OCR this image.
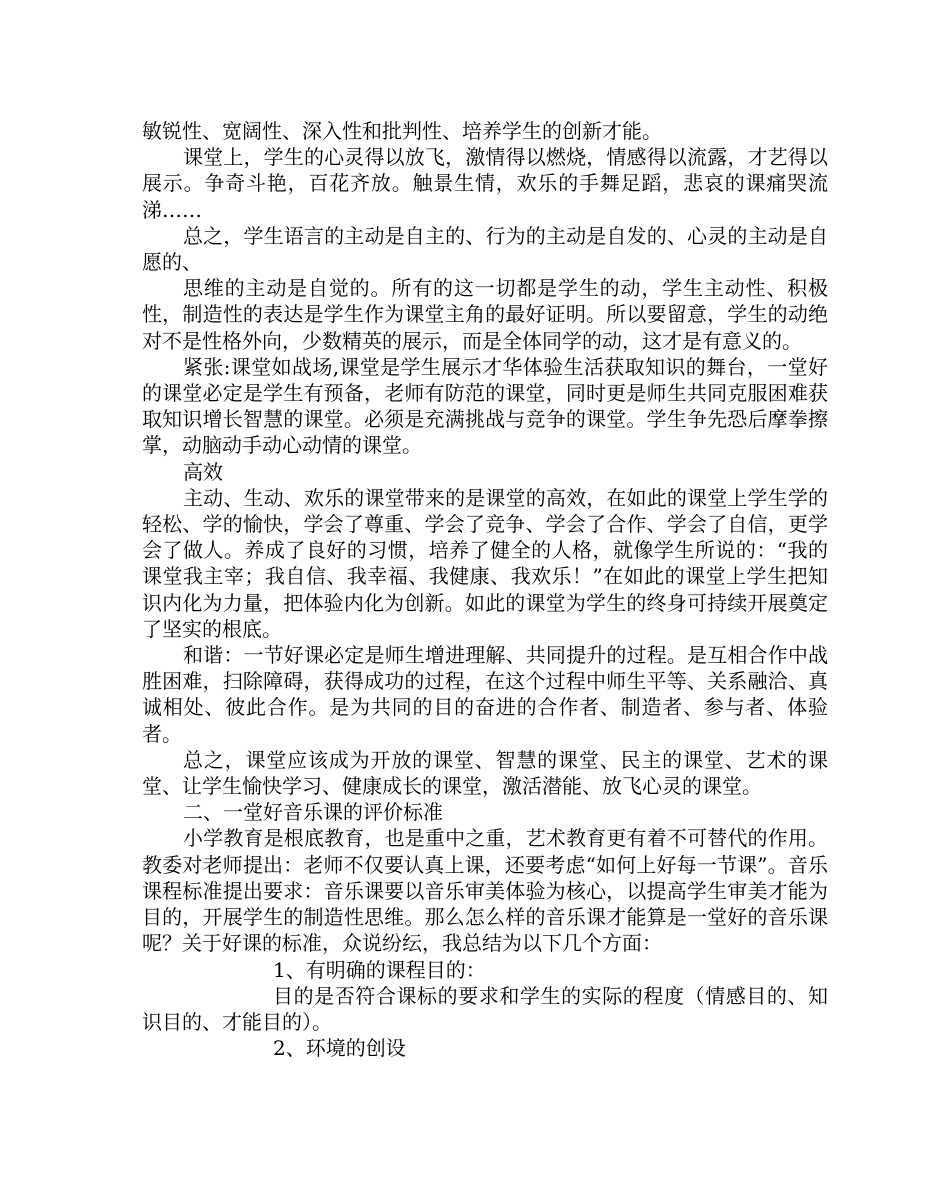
敏锐性、宽阔性、深入性和批判性、培养学生的创新才能。

课堂上，学生的心灵得以放飞，激情得以燃烧，情感得以流露，才艺得以展示。争奇斗艳，百花齐放。触景生情，欢乐的手舞足蹈，悲哀的课痛哭流涕……

总之，学生语言的主动是自主的、行为的主动是自发的、心灵的主动是自愿的、

思维的主动是自觉的。所有的这一切都是学生的动，学生主动性、积极性，制造性的表达是学生作为课堂主角的最好证明。所以要留意，学生的动绝对不是性格外向，少数精英的展示，而是全体同学的动，这才是有意义的。

紧张:课堂如战场,课堂是学生展示才华体验生活获取知识的舞台，一堂好的课堂必定是学生有预备，老师有防范的课堂，同时更是师生共同克服困难获取知识增长智慧的课堂。必须是充满挑战与竞争的课堂。学生争先恐后摩拳擦掌，动脑动手动心动情的课堂。

高效

主动、生动、欢乐的课堂带来的是课堂的高效，在如此的课堂上学生学的轻松、学的愉快，学会了尊重、学会了竞争、学会了合作、学会了自信，更学会了做人。养成了良好的习惯，培养了健全的人格，就像学生所说的：“我的课堂我主宰；我自信、我幸福、我健康、我欢乐！”在如此的课堂上学生把知识内化为力量，把体验内化为创新。如此的课堂为学生的终身可持续开展奠定了坚实的根底。

和谐：一节好课必定是师生增进理解、共同提升的过程。是互相合作中战胜困难，扫除障碍，获得成功的过程，在这个过程中师生平等、关系融洽、真诚相处、彼此合作。是为共同的目的奋进的合作者、制造者、参与者、体验者。

总之，课堂应该成为开放的课堂、智慧的课堂、民主的课堂、艺术的课堂、让学生愉快学习、健康成长的课堂，激活潜能、放飞心灵的课堂。

二、一堂好音乐课的评价标准

小学教育是根底教育，也是重中之重，艺术教育更有着不可替代的作用。教委对老师提出：老师不仅要认真上课，还要考虑“如何上好每一节课”。音乐课程标准提出要求：音乐课要以音乐审美体验为核心，以提高学生审美才能为目的，开展学生的制造性思维。那么怎么样的音乐课才能算是一堂好的音乐课呢？关于好课的标准，众说纷纭，我总结为以下几个方面：

1、有明确的课程目的：

目的是否符合课标的要求和学生的实际的程度（情感目的、知识目的、才能目的）。

2、环境的创设
